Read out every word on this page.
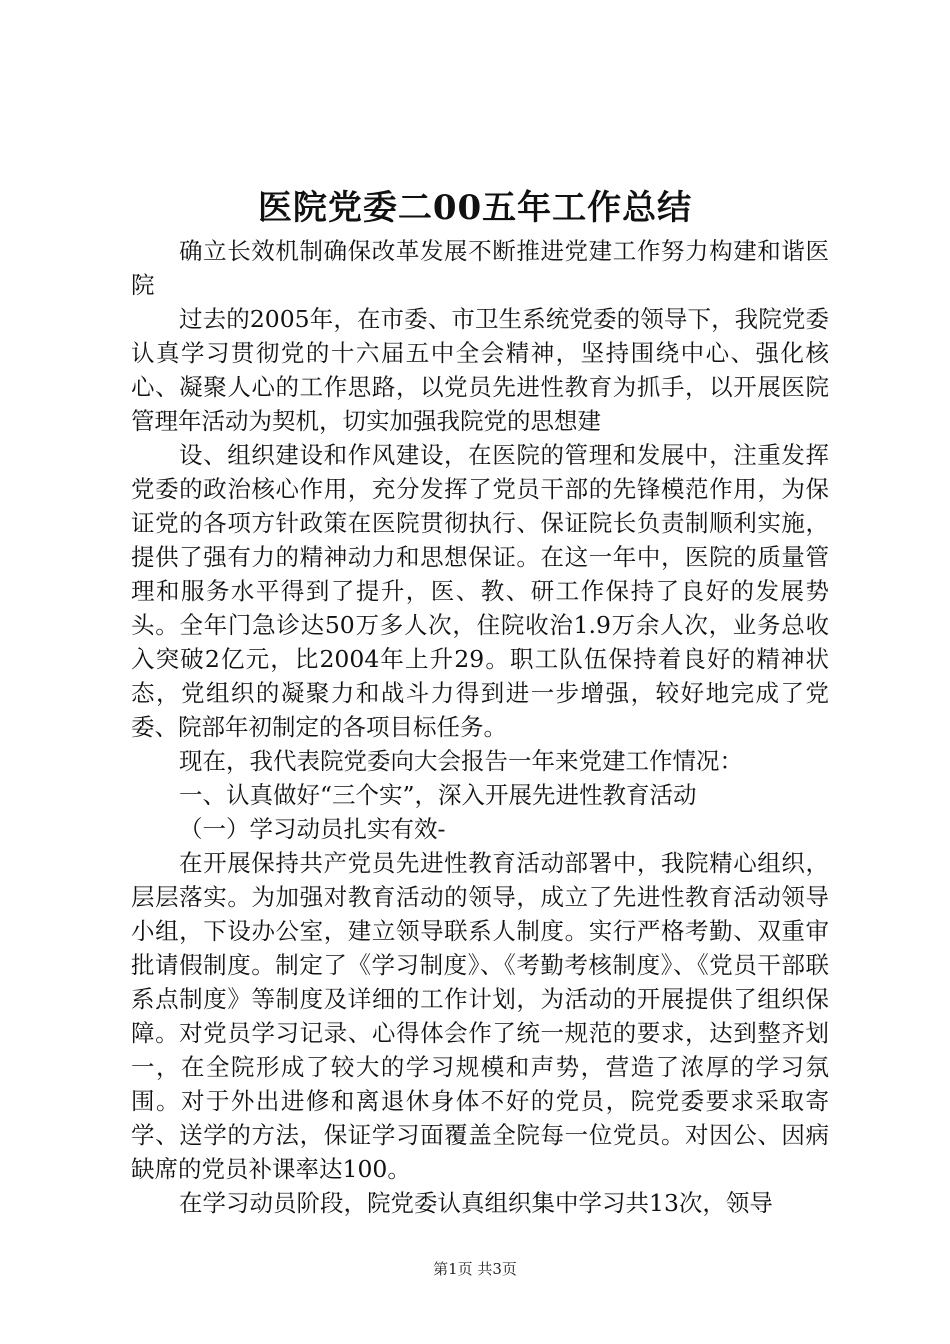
医院党委二00五年工作总结

确立长效机制确保改革发展不断推进党建工作努力构建和谐医院

过去的2005年，在市委、市卫生系统党委的领导下，我院党委认真学习贯彻党的十六届五中全会精神，坚持围绕中心、强化核心、凝聚人心的工作思路，以党员先进性教育为抓手，以开展医院管理年活动为契机，切实加强我院党的思想建

设、组织建设和作风建设，在医院的管理和发展中，注重发挥党委的政治核心作用，充分发挥了党员干部的先锋模范作用，为保证党的各项方针政策在医院贯彻执行、保证院长负责制顺利实施，提供了强有力的精神动力和思想保证。在这一年中，医院的质量管理和服务水平得到了提升，医、教、研工作保持了良好的发展势头。全年门急诊达50万多人次，住院收治1.9万余人次，业务总收入突破2亿元，比2004年上升29。职工队伍保持着良好的精神状态，党组织的凝聚力和战斗力得到进一步增强，较好地完成了党委、院部年初制定的各项目标任务。

现在，我代表院党委向大会报告一年来党建工作情况：

一、认真做好“三个实”，深入开展先进性教育活动

（一）学习动员扎实有效-

在开展保持共产党员先进性教育活动部署中，我院精心组织，层层落实。为加强对教育活动的领导，成立了先进性教育活动领导小组，下设办公室，建立领导联系人制度。实行严格考勤、双重审批请假制度。制定了《学习制度》、《考勤考核制度》、《党员干部联系点制度》等制度及详细的工作计划，为活动的开展提供了组织保障。对党员学习记录、心得体会作了统一规范的要求，达到整齐划一，在全院形成了较大的学习规模和声势，营造了浓厚的学习氛围。对于外出进修和离退休身体不好的党员，院党委要求采取寄学、送学的方法，保证学习面覆盖全院每一位党员。对因公、因病缺席的党员补课率达100。

在学习动员阶段，院党委认真组织集中学习共13次，领导

第1页 共3页
